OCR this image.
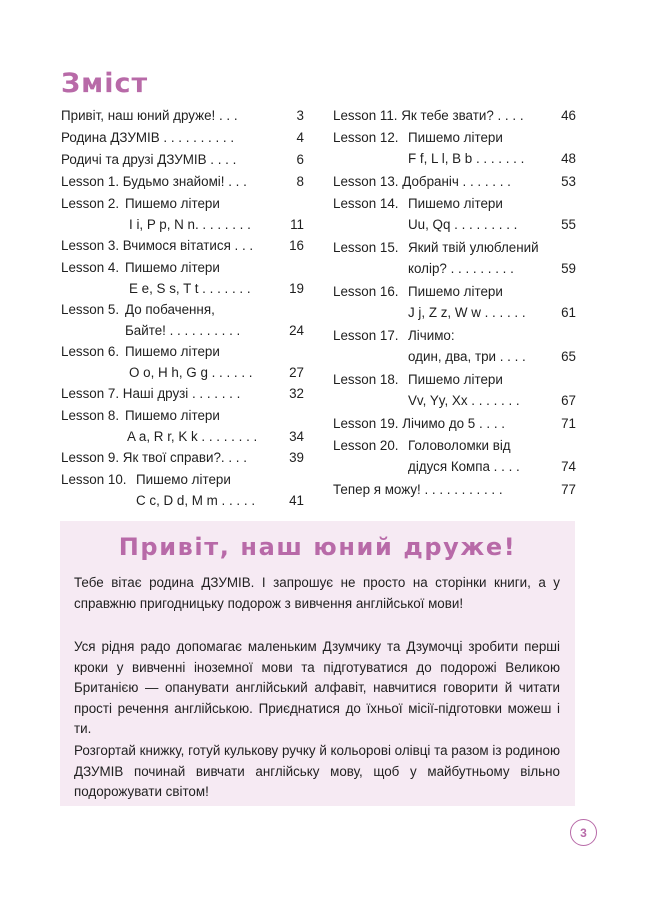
Зміст
Привіт, наш юний друже! . . .	3
Родина ДЗУМІВ . . . . . . . . . .	4
Родичі та друзі ДЗУМІВ . . . .	6
Lesson 1. Будьмо знайомі! . . .	8
Lesson 2. Пишемо літери
I i, P p, N n. . . . . . . .	11
Lesson 3. Вчимося вітатися . . .	16
Lesson 4. Пишемо літери
E e, S s, T t . . . . . . .	19
Lesson 5. До побачення,
Байте! . . . . . . . . . .	24
Lesson 6. Пишемо літери
O o, H h, G g . . . . . .	27
Lesson 7. Наші друзі . . . . . . .	32
Lesson 8. Пишемо літери
A a, R r, K k . . . . . . . . 34
Lesson 9. Як твої справи?. . . .	39
Lesson 10. Пишемо літери
C c, D d, M m . . . . .	41
Lesson 11. Як тебе звати? . . . .	46
Lesson 12. Пишемо літери
F f, L l, B b . . . . . . .	48
Lesson 13. Добраніч . . . . . . .	53
Lesson 14. Пишемо літери
Uu, Qq . . . . . . . . .	55
Lesson 15. Який твій улюблений
колір? . . . . . . . . .	59
Lesson 16. Пишемо літери
J j, Z z, W w . . . . . .	61
Lesson 17. Лічимо:
один, два, три . . . .	65
Lesson 18. Пишемо літери
Vv, Yy, Xx . . . . . . .	67
Lesson 19. Лічимо до 5 . . . .	71
Lesson 20. Головоломки від
дідуся Компа . . . .	74
Тепер я можу! . . . . . . . . . . .	77
Привіт, наш юний друже!

Тебе вітає родина ДЗУМІВ. І запрошує не просто на сторінки книги, а у справжню пригодницьку подорож з вивчення англійської мови!

Уся рідня радо допомагає маленьким Дзумчику та Дзумочці зробити перші кроки у вивченні іноземної мови та підготуватися до подорожі Великою Британією — опанувати англійський алфавіт, навчитися говорити й читати прості речення англійською. Приєднатися до їхньої місії-підготовки можеш і ти.

Розгортай книжку, готуй кулькову ручку й кольорові олівці та разом із родиною ДЗУМІВ починай вивчати англійську мову, щоб у майбутньому вільно подорожувати світом!

3
